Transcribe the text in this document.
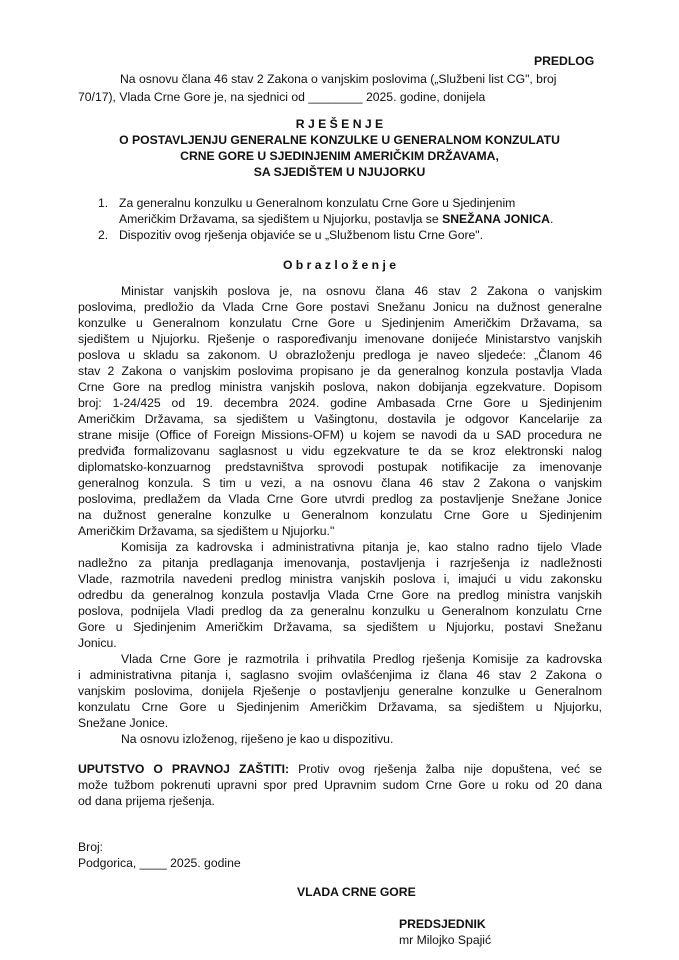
PREDLOG
Na osnovu člana 46 stav 2 Zakona o vanjskim poslovima („Službeni list CG", broj
70/17), Vlada Crne Gore je, na sjednici od ________ 2025. godine, donijela
R J E Š E N J E
O POSTAVLJENJU GENERALNE KONZULKE U GENERALNOM KONZULATU
CRNE GORE U SJEDINJENIM AMERIČKIM DRŽAVAMA,
SA SJEDIŠTEM U NJUJORKU
1. Za generalnu konzulku u Generalnom konzulatu Crne Gore u Sjedinjenim
Američkim Državama, sa sjedištem u Njujorku, postavlja se SNEŽANA JONICA.
2. Dispozitiv ovog rješenja objaviće se u „Službenom listu Crne Gore".
O b r a z l o ž e n j e
Ministar vanjskih poslova je, na osnovu člana 46 stav 2 Zakona o vanjskim
poslovima, predložio da Vlada Crne Gore postavi Snežanu Jonicu na dužnost generalne
konzulke u Generalnom konzulatu Crne Gore u Sjedinjenim Američkim Državama, sa
sjedištem u Njujorku. Rješenje o raspoređivanju imenovane donijeće Ministarstvo vanjskih
poslova u skladu sa zakonom. U obrazloženju predloga je naveo sljedeće: „Članom 46
stav 2 Zakona o vanjskim poslovima propisano je da generalnog konzula postavlja Vlada
Crne Gore na predlog ministra vanjskih poslova, nakon dobijanja egzekvature. Dopisom
broj: 1-24/425 od 19. decembra 2024. godine Ambasada Crne Gore u Sjedinjenim
Američkim Državama, sa sjedištem u Vašingtonu, dostavila je odgovor Kancelarije za
strane misije (Office of Foreign Missions-OFM) u kojem se navodi da u SAD procedura ne
predviđa formalizovanu saglasnost u vidu egzekvature te da se kroz elektronski nalog
diplomatsko-konzuarnog predstavništva sprovodi postupak notifikacije za imenovanje
generalnog konzula. S tim u vezi, a na osnovu člana 46 stav 2 Zakona o vanjskim
poslovima, predlažem da Vlada Crne Gore utvrdi predlog za postavljenje Snežane Jonice
na dužnost generalne konzulke u Generalnom konzulatu Crne Gore u Sjedinjenim
Američkim Državama, sa sjedištem u Njujorku."
Komisija za kadrovska i administrativna pitanja je, kao stalno radno tijelo Vlade
nadležno za pitanja predlaganja imenovanja, postavljenja i razrješenja iz nadležnosti
Vlade, razmotrila navedeni predlog ministra vanjskih poslova i, imajući u vidu zakonsku
odredbu da generalnog konzula postavlja Vlada Crne Gore na predlog ministra vanjskih
poslova, podnijela Vladi predlog da za generalnu konzulku u Generalnom konzulatu Crne
Gore u Sjedinjenim Američkim Državama, sa sjedištem u Njujorku, postavi Snežanu
Jonicu.
Vlada Crne Gore je razmotrila i prihvatila Predlog rješenja Komisije za kadrovska
i administrativna pitanja i, saglasno svojim ovlašćenjima iz člana 46 stav 2 Zakona o
vanjskim poslovima, donijela Rješenje o postavljenju generalne konzulke u Generalnom
konzulatu Crne Gore u Sjedinjenim Američkim Državama, sa sjedištem u Njujorku,
Snežane Jonice.
Na osnovu izloženog, riješeno je kao u dispozitivu.
UPUTSTVO O PRAVNOJ ZAŠTITI: Protiv ovog rješenja žalba nije dopuštena, već se
može tužbom pokrenuti upravni spor pred Upravnim sudom Crne Gore u roku od 20 dana
od dana prijema rješenja.
Broj:
Podgorica, ____ 2025. godine
VLADA CRNE GORE
PREDSJEDNIK
mr Milojko Spajić
